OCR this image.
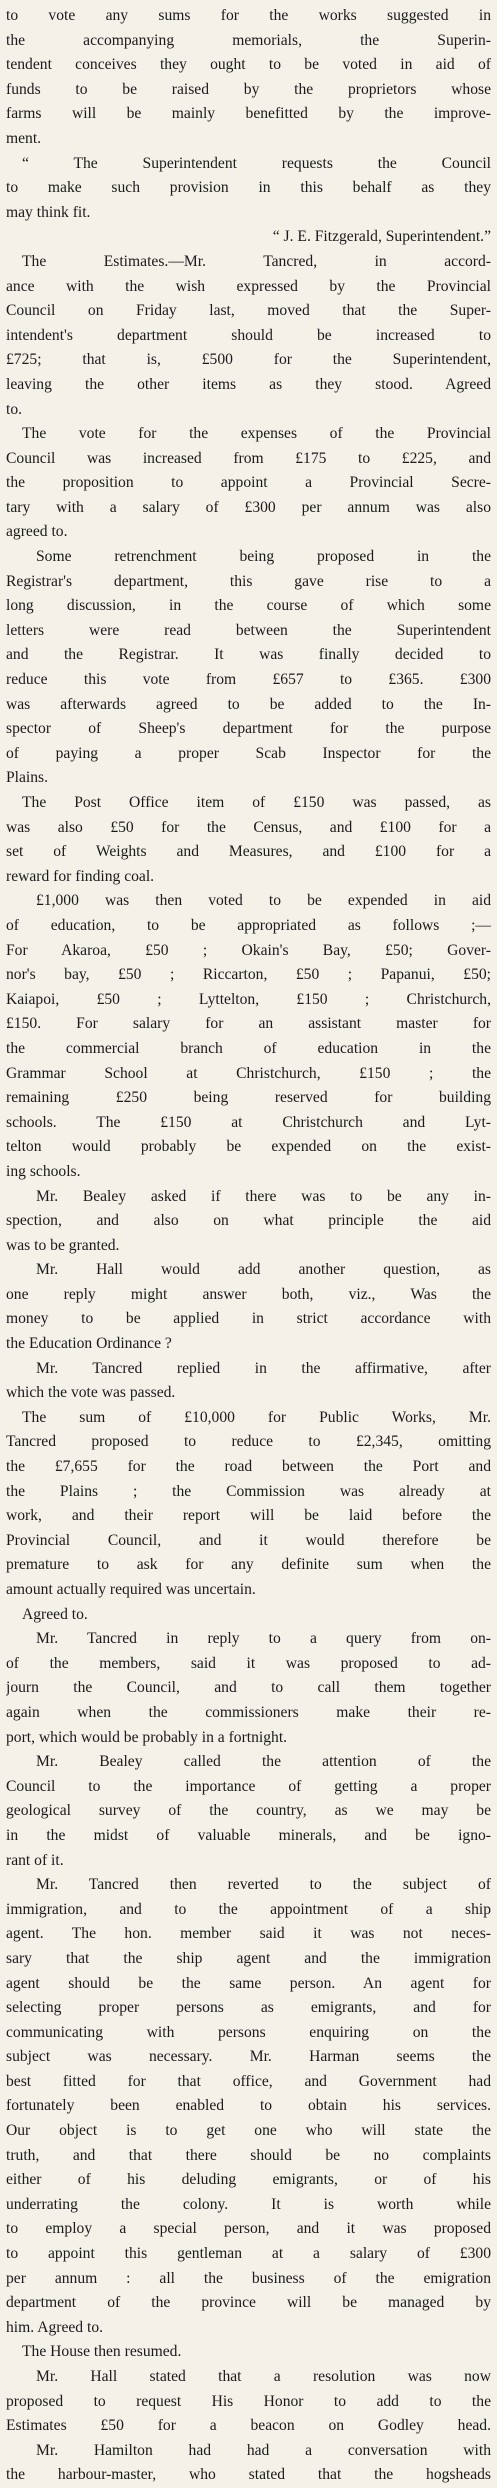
to vote any sums for the works suggested in
the accompanying memorials, the Superin-
tendent conceives they ought to be voted in aid of
funds to be raised by the proprietors whose
farms will be mainly benefitted by the improve-
ment.
“ The Superintendent requests the Council
to make such provision in this behalf as they
may think fit.
“ J. E. Fitzgerald, Superintendent.”
The Estimates.—Mr. Tancred, in accord-
ance with the wish expressed by the Provincial
Council on Friday last, moved that the Super-
intendent's department should be increased to
£725; that is, £500 for the Superintendent,
leaving the other items as they stood. Agreed
to.
The vote for the expenses of the Provincial
Council was increased from £175 to £225, and
the proposition to appoint a Provincial Secre-
tary with a salary of £300 per annum was also
agreed to.
Some retrenchment being proposed in the
Registrar's department, this gave rise to a
long discussion, in the course of which some
letters were read between the Superintendent
and the Registrar. It was finally decided to
reduce this vote from £657 to £365. £300
was afterwards agreed to be added to the In-
spector of Sheep's department for the purpose
of paying a proper Scab Inspector for the
Plains.
The Post Office item of £150 was passed, as
was also £50 for the Census, and £100 for a
set of Weights and Measures, and £100 for a
reward for finding coal.
£1,000 was then voted to be expended in aid
of education, to be appropriated as follows ;—
For Akaroa, £50 ; Okain's Bay, £50; Gover-
nor's bay, £50 ; Riccarton, £50 ; Papanui, £50;
Kaiapoi, £50 ; Lyttelton, £150 ; Christchurch,
£150. For salary for an assistant master for
the commercial branch of education in the
Grammar School at Christchurch, £150 ; the
remaining £250 being reserved for building
schools. The £150 at Christchurch and Lyt-
telton would probably be expended on the exist-
ing schools.
Mr. Bealey asked if there was to be any in-
spection, and also on what principle the aid
was to be granted.
Mr. Hall would add another question, as
one reply might answer both, viz., Was the
money to be applied in strict accordance with
the Education Ordinance ?
Mr. Tancred replied in the affirmative, after
which the vote was passed.
The sum of £10,000 for Public Works, Mr.
Tancred proposed to reduce to £2,345, omitting
the £7,655 for the road between the Port and
the Plains ; the Commission was already at
work, and their report will be laid before the
Provincial Council, and it would therefore be
premature to ask for any definite sum when the
amount actually required was uncertain.
Agreed to.
Mr. Tancred in reply to a query from on-
of the members, said it was proposed to ad-
journ the Council, and to call them together
again when the commissioners make their re-
port, which would be probably in a fortnight.
Mr. Bealey called the attention of the
Council to the importance of getting a proper
geological survey of the country, as we may be
in the midst of valuable minerals, and be igno-
rant of it.
Mr. Tancred then reverted to the subject of
immigration, and to the appointment of a ship
agent. The hon. member said it was not neces-
sary that the ship agent and the immigration
agent should be the same person. An agent for
selecting proper persons as emigrants, and for
communicating with persons enquiring on the
subject was necessary. Mr. Harman seems the
best fitted for that office, and Government had
fortunately been enabled to obtain his services.
Our object is to get one who will state the
truth, and that there should be no complaints
either of his deluding emigrants, or of his
underrating the colony. It is worth while
to employ a special person, and it was proposed
to appoint this gentleman at a salary of £300
per annum : all the business of the emigration
department of the province will be managed by
him. Agreed to.
The House then resumed.
Mr. Hall stated that a resolution was now
proposed to request His Honor to add to the
Estimates £50 for a beacon on Godley head.
Mr. Hamilton had had a conversation with
the harbour-master, who stated that the hogsheads
